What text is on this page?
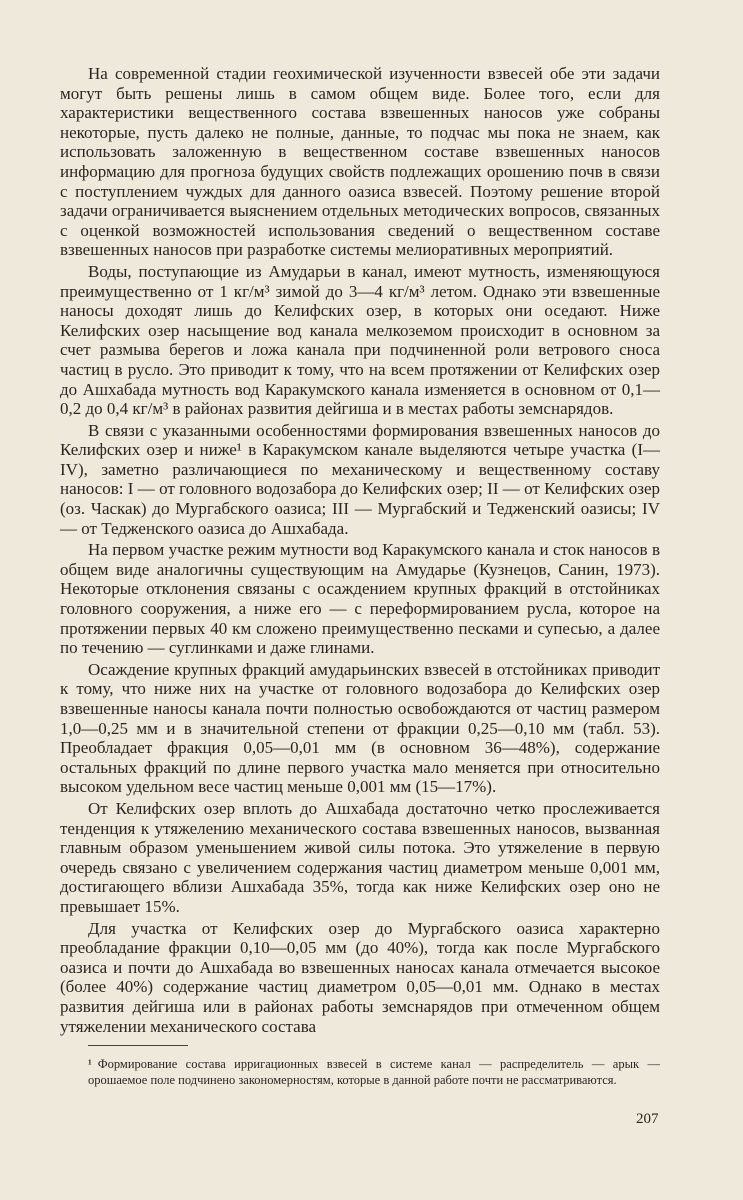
На современной стадии геохимической изученности взвесей обе эти задачи могут быть решены лишь в самом общем виде. Более того, если для характеристики вещественного состава взвешенных наносов уже собраны некоторые, пусть далеко не полные, данные, то подчас мы пока не знаем, как использовать заложенную в вещественном составе взвешенных наносов информацию для прогноза будущих свойств подлежащих орошению почв в связи с поступлением чуждых для данного оазиса взвесей. Поэтому решение второй задачи ограничивается выяснением отдельных методических вопросов, связанных с оценкой возможностей использования сведений о вещественном составе взвешенных наносов при разработке системы мелиоративных мероприятий.

Воды, поступающие из Амударьи в канал, имеют мутность, изменяющуюся преимущественно от 1 кг/м³ зимой до 3—4 кг/м³ летом. Однако эти взвешенные наносы доходят лишь до Келифских озер, в которых они оседают. Ниже Келифских озер насыщение вод канала мелкоземом происходит в основном за счет размыва берегов и ложа канала при подчиненной роли ветрового сноса частиц в русло. Это приводит к тому, что на всем протяжении от Келифских озер до Ашхабада мутность вод Каракумского канала изменяется в основном от 0,1—0,2 до 0,4 кг/м³ в районах развития дейгиша и в местах работы земснарядов.

В связи с указанными особенностями формирования взвешенных наносов до Келифских озер и ниже¹ в Каракумском канале выделяются четыре участка (I—IV), заметно различающиеся по механическому и вещественному составу наносов: I — от головного водозабора до Келифских озер; II — от Келифских озер (оз. Часкак) до Мургабского оазиса; III — Мургабский и Тедженский оазисы; IV — от Тедженского оазиса до Ашхабада.

На первом участке режим мутности вод Каракумского канала и сток наносов в общем виде аналогичны существующим на Амударье (Кузнецов, Санин, 1973). Некоторые отклонения связаны с осаждением крупных фракций в отстойниках головного сооружения, а ниже его — с переформированием русла, которое на протяжении первых 40 км сложено преимущественно песками и супесью, а далее по течению — суглинками и даже глинами.

Осаждение крупных фракций амударьинских взвесей в отстойниках приводит к тому, что ниже них на участке от головного водозабора до Келифских озер взвешенные наносы канала почти полностью освобождаются от частиц размером 1,0—0,25 мм и в значительной степени от фракции 0,25—0,10 мм (табл. 53). Преобладает фракция 0,05—0,01 мм (в основном 36—48%), содержание остальных фракций по длине первого участка мало меняется при относительно высоком удельном весе частиц меньше 0,001 мм (15—17%).

От Келифских озер вплоть до Ашхабада достаточно четко прослеживается тенденция к утяжелению механического состава взвешенных наносов, вызванная главным образом уменьшением живой силы потока. Это утяжеление в первую очередь связано с увеличением содержания частиц диаметром меньше 0,001 мм, достигающего вблизи Ашхабада 35%, тогда как ниже Келифских озер оно не превышает 15%.

Для участка от Келифских озер до Мургабского оазиса характерно преобладание фракции 0,10—0,05 мм (до 40%), тогда как после Мургабского оазиса и почти до Ашхабада во взвешенных наносах канала отмечается высокое (более 40%) содержание частиц диаметром 0,05—0,01 мм. Однако в местах развития дейгиша или в районах работы земснарядов при отмеченном общем утяжелении механического состава

¹ Формирование состава ирригационных взвесей в системе канал — распределитель — арык — орошаемое поле подчинено закономерностям, которые в данной работе почти не рассматриваются.
207
